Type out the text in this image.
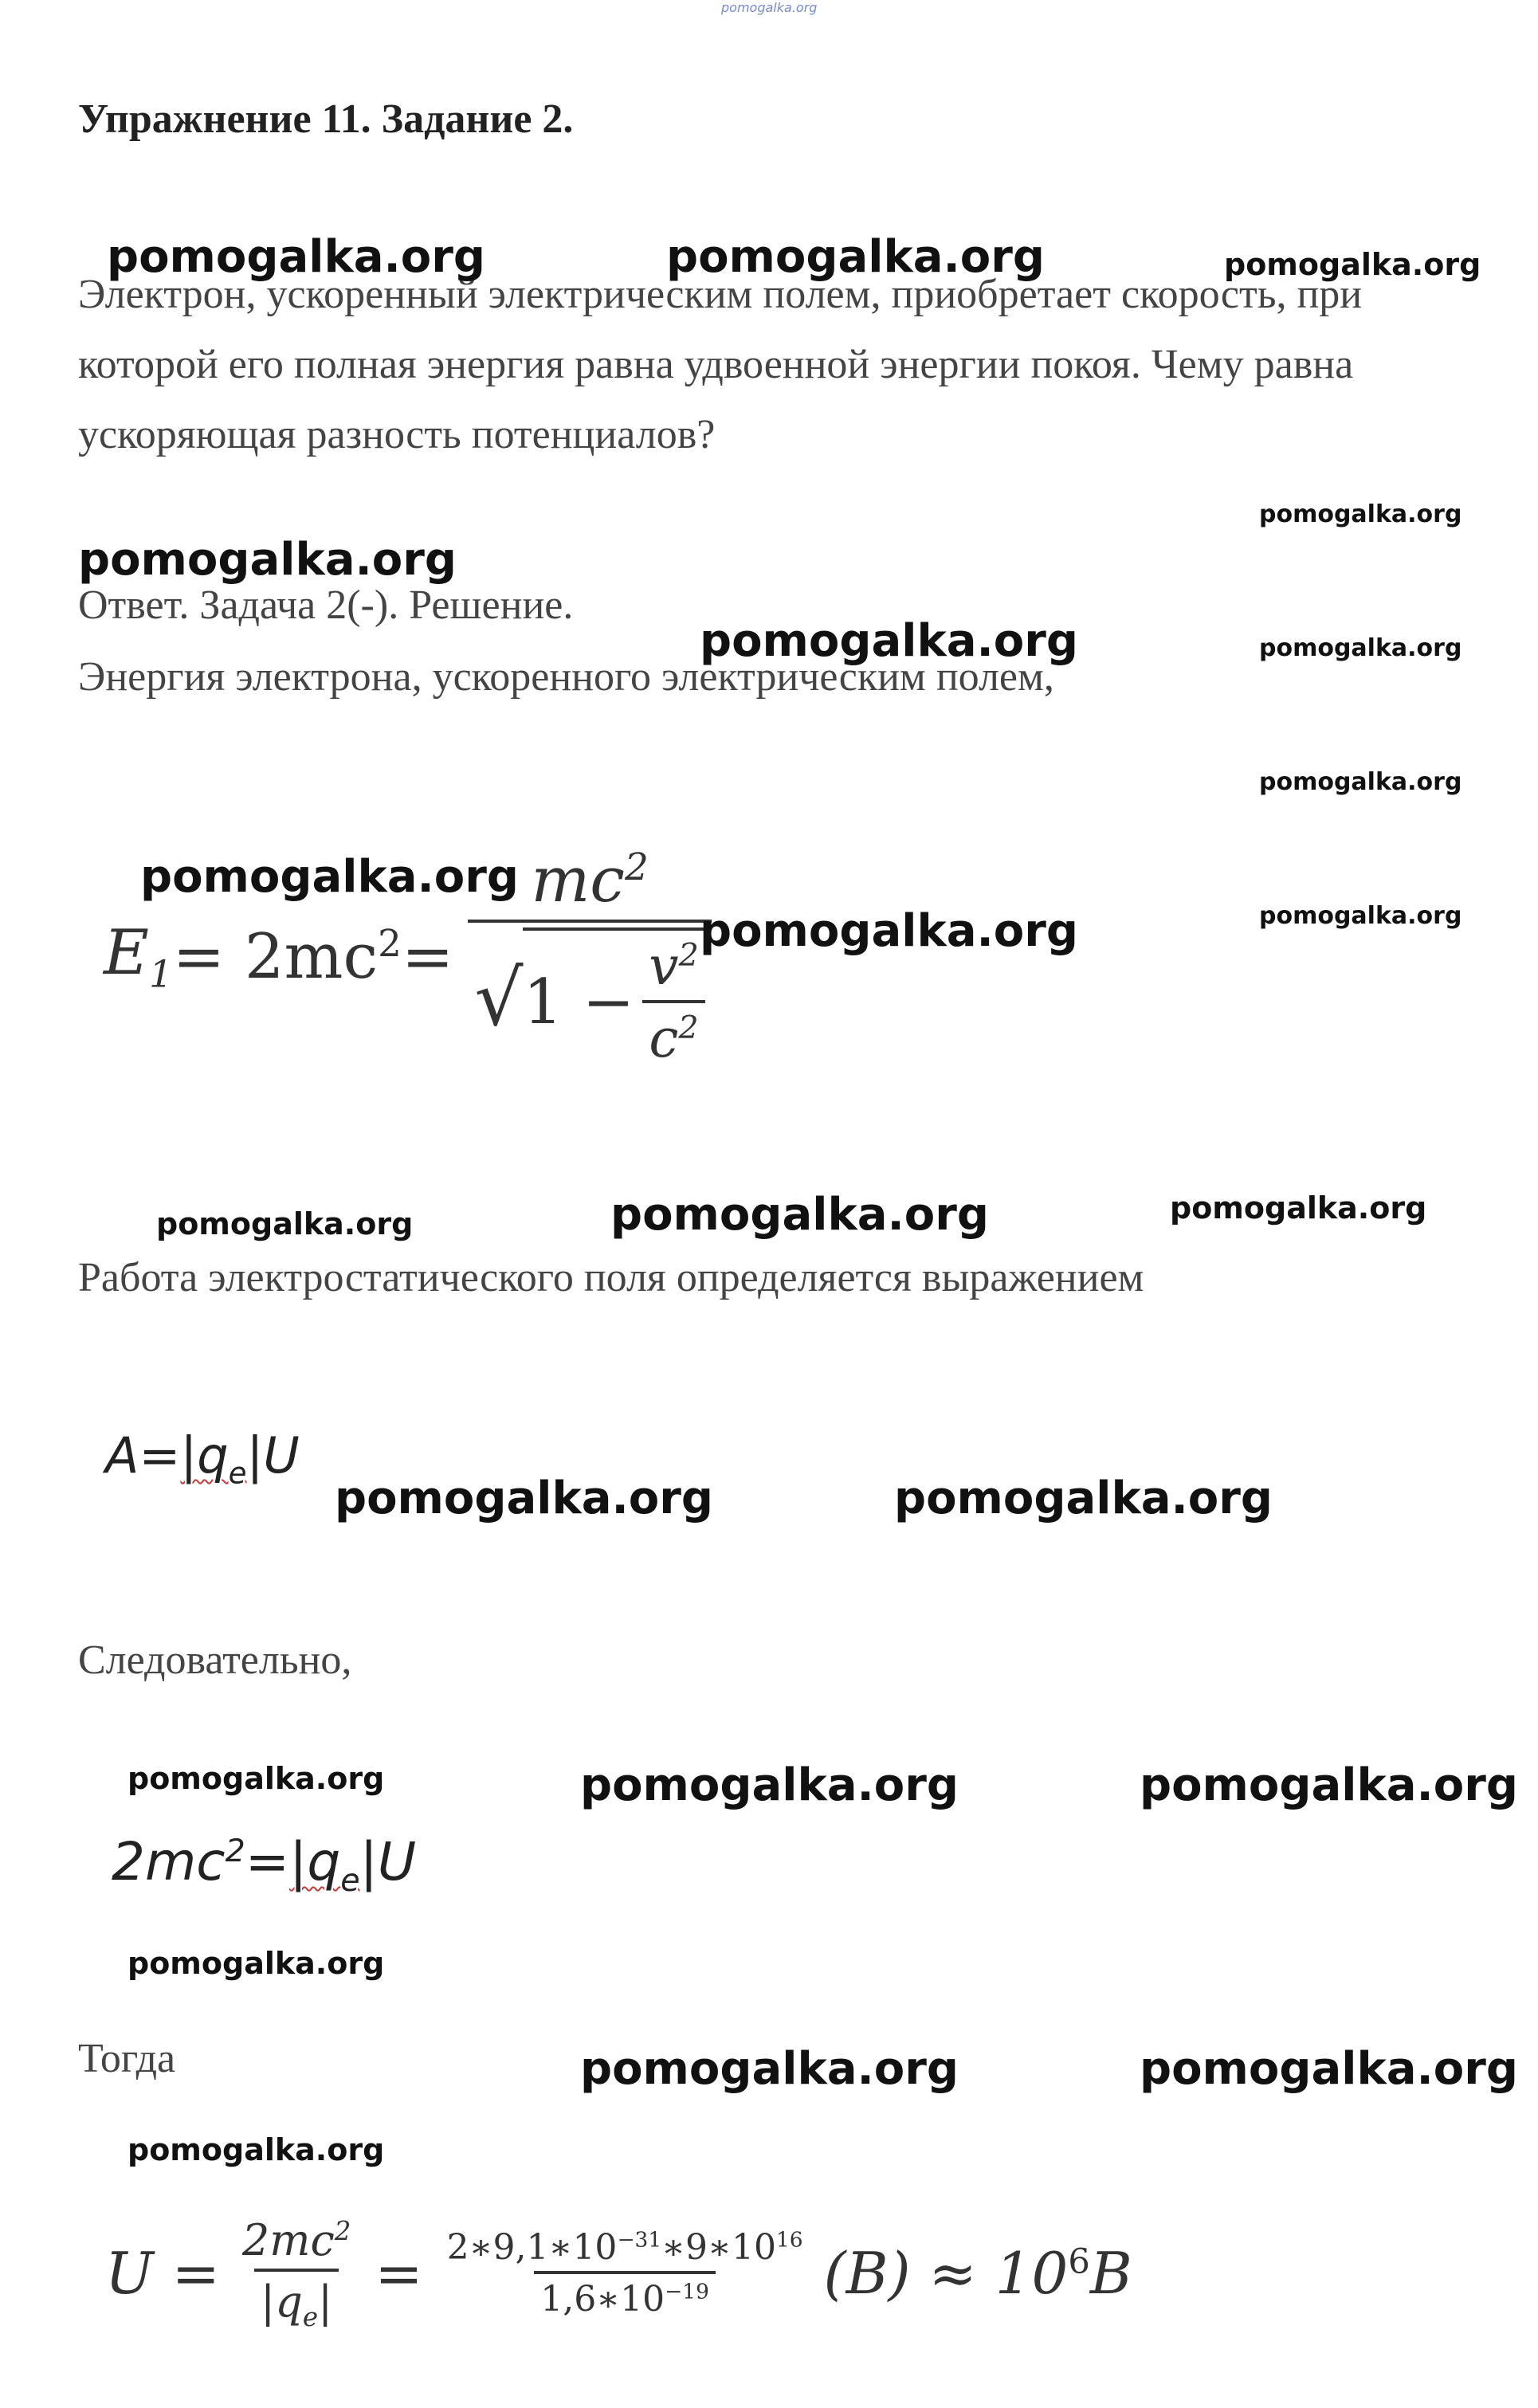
pomogalka.org
Упражнение 11. Задание 2.
Электрон, ускоренный электрическим полем, приобретает скорость, при которой его полная энергия равна удвоенной энергии покоя. Чему равна ускоряющая разность потенциалов?
Ответ. Задача 2(-). Решение.
Энергия электрона, ускоренного электрическим полем,
$E_1 = 2mc^2 = \frac{mc^2}{√ 1 - \frac{v^2}{c^2}}$
Работа электростатического поля определяется выражением
$A=|q_e|U$
Следовательно,
$2mc^2=|q_e|U$
Тогда
$U = \frac{2mc^2}{|q_e|} = \frac{2∗9,1∗10^{-31}∗9∗10^{16}}{1,6∗10^{-19}} (B) \approx 10^6B$
pomogalka.org	pomogalka.org	pomogalka.org
pomogalka.org
pomogalka.org
pomogalka.org	pomogalka.org
pomogalka.org
pomogalka.org
pomogalka.org
pomogalka.org
pomogalka.org	pomogalka.org	pomogalka.org
pomogalka.org	pomogalka.org
pomogalka.org	pomogalka.org	pomogalka.org
pomogalka.org
pomogalka.org	pomogalka.org
pomogalka.org
